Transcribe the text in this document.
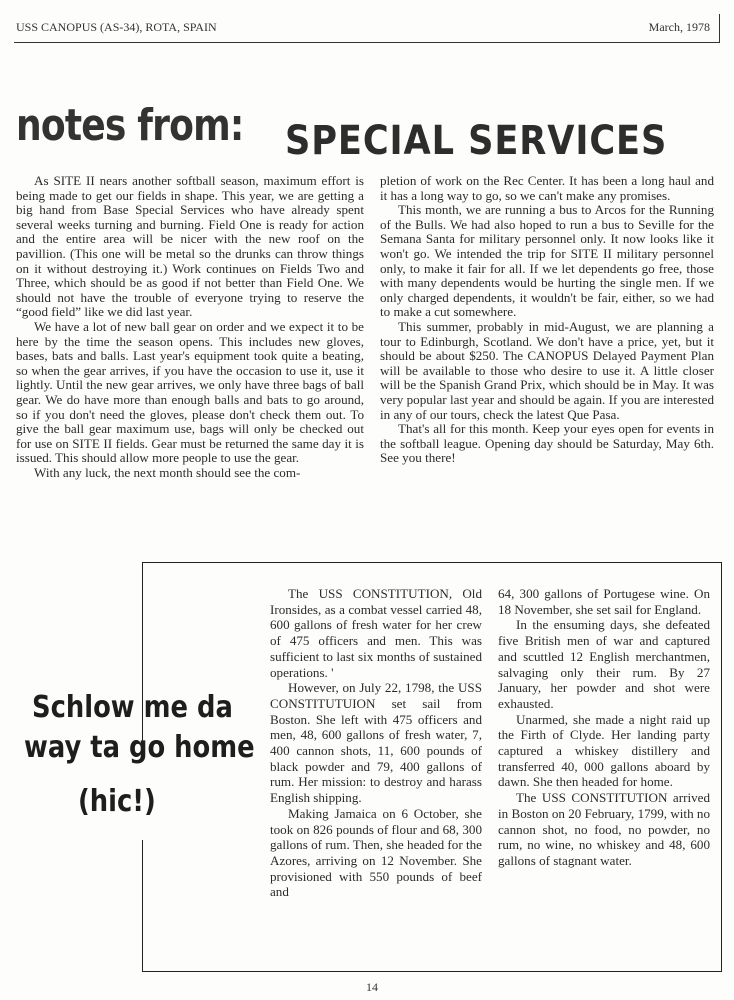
USS CANOPUS (AS-34), ROTA, SPAIN	March, 1978
notes from: SPECIAL SERVICES

As SITE II nears another softball season, maximum effort is being made to get our fields in shape. This year, we are getting a big hand from Base Special Services who have already spent several weeks turning and burning. Field One is ready for action and the entire area will be nicer with the new roof on the pavillion. (This one will be metal so the drunks can throw things on it without destroying it.) Work continues on Fields Two and Three, which should be as good if not better than Field One. We should not have the trouble of everyone trying to reserve the “good field” like we did last year.

We have a lot of new ball gear on order and we expect it to be here by the time the season opens. This includes new gloves, bases, bats and balls. Last year's equipment took quite a beating, so when the gear arrives, if you have the occasion to use it, use it lightly. Until the new gear arrives, we only have three bags of ball gear. We do have more than enough balls and bats to go around, so if you don't need the gloves, please don't check them out. To give the ball gear maximum use, bags will only be checked out for use on SITE II fields. Gear must be returned the same day it is issued. This should allow more people to use the gear.

With any luck, the next month should see the com-

pletion of work on the Rec Center. It has been a long haul and it has a long way to go, so we can't make any promises.

This month, we are running a bus to Arcos for the Running of the Bulls. We had also hoped to run a bus to Seville for the Semana Santa for military personnel only. It now looks like it won't go. We intended the trip for SITE II military personnel only, to make it fair for all. If we let dependents go free, those with many dependents would be hurting the single men. If we only charged dependents, it wouldn't be fair, either, so we had to make a cut somewhere.

This summer, probably in mid-August, we are planning a tour to Edinburgh, Scotland. We don't have a price, yet, but it should be about $250. The CANOPUS Delayed Payment Plan will be available to those who desire to use it. A little closer will be the Spanish Grand Prix, which should be in May. It was very popular last year and should be again. If you are interested in any of our tours, check the latest Que Pasa.

That's all for this month. Keep your eyes open for events in the softball league. Opening day should be Saturday, May 6th. See you there!

Schlow me da
way ta go home
(hic!)

The USS CONSTITUTION, Old Ironsides, as a combat vessel carried 48, 600 gallons of fresh water for her crew of 475 officers and men. This was sufficient to last six months of sustained operations. '

However, on July 22, 1798, the USS CONSTITUTUION set sail from Boston. She left with 475 officers and men, 48, 600 gallons of fresh water, 7, 400 cannon shots, 11, 600 pounds of black powder and 79, 400 gallons of rum. Her mission: to destroy and harass English shipping.

Making Jamaica on 6 October, she took on 826 pounds of flour and 68, 300 gallons of rum. Then, she headed for the Azores, arriving on 12 November. She provisioned with 550 pounds of beef and

64, 300 gallons of Portugese wine. On 18 November, she set sail for England.

In the ensuming days, she defeated five British men of war and captured and scuttled 12 English merchantmen, salvaging only their rum. By 27 January, her powder and shot were exhausted.

Unarmed, she made a night raid up the Firth of Clyde. Her landing party captured a whiskey distillery and transferred 40, 000 gallons aboard by dawn. She then headed for home.

The USS CONSTITUTION arrived in Boston on 20 February, 1799, with no cannon shot, no food, no powder, no rum, no wine, no whiskey and 48, 600 gallons of stagnant water.

14
